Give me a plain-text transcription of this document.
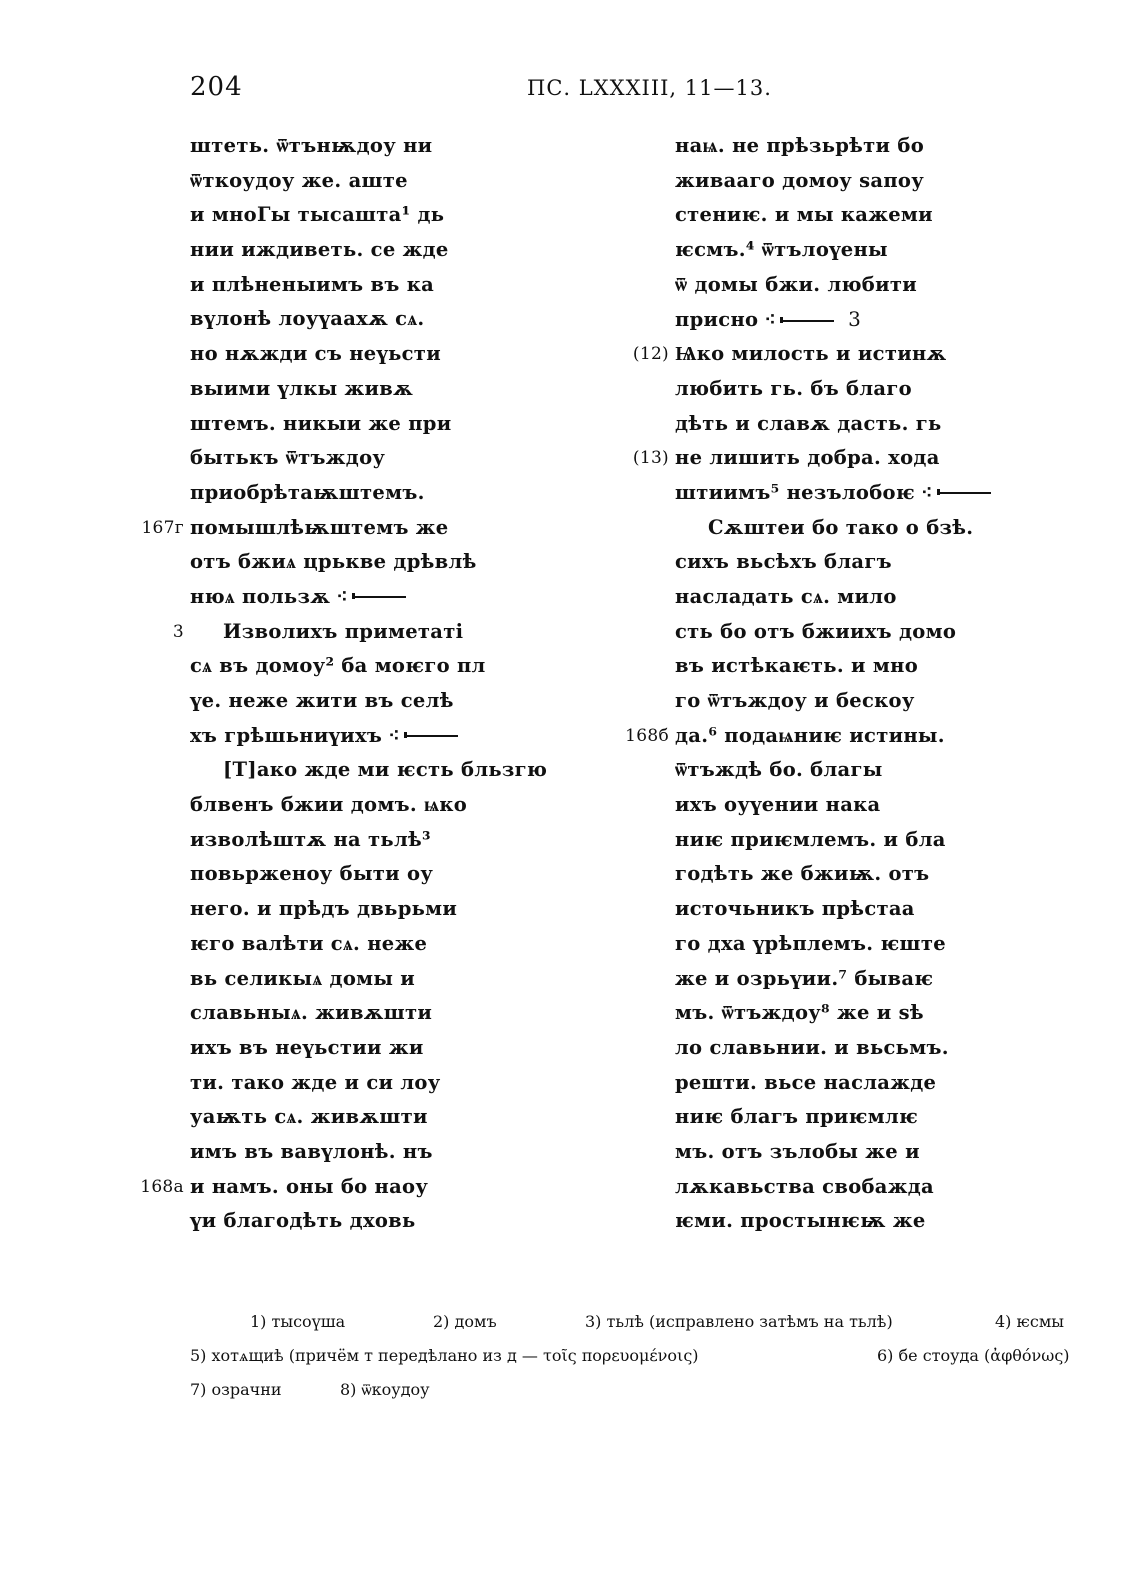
204	ПС. LXXXIII, 11—13.
штеть. ѿтънѭдоу ни
ѿткоудоу же. аште
и мноГы тысашта¹ дь
нии иждиветь. се жде
и плѣненыимъ въ ка
вүлонѣ лоуүаахѫ сѧ.
но нѫжди съ неүьсти
выими үлкы живѫ
штемъ. никыи же при
бытькъ ѿтъждоу
приобрѣтаѭштемъ.
167г помышлѣѭштемъ же
отъ бжиѧ црькве дрѣвлѣ
нюѧ пользѫ ⁖
3 Изволихъ приметатi
сѧ въ домоу² ба моѥго пл
үе. неже жити въ селѣ
хъ грѣшьниүихъ ⁖
[Т]ако жде ми ѥсть бльзгю
блвенъ бжии домъ. ѩко
изволѣштѫ на тьлѣ³
повьрженоу быти оу
него. и прѣдъ двьрьми
ѥго валѣти сѧ. неже
вь селикыѧ домы и
славьныѧ. живѫшти
ихъ въ неүьстии жи
ти. тако жде и си лоу
уаѭть сѧ. живѫшти
имъ въ вавүлонѣ. нъ
168а и намъ. оны бо наоу
үи благодѣть дховь
наѩ. не прѣзьрѣти бо
живааго домоу ѕапоу
стениѥ. и мы кажеми
ѥсмъ.⁴ ѿтълоүены
ѿ домы бжи. любити
присно ⁖	3
(12) Ѩко милость и истинѫ
любить гь. бъ благо
дѣть и славѫ дасть. гь
(13) не лишить добра. хода
штиимъ⁵ незълобоѥ ⁖
Сѫштеи бо тако о бзѣ.
сихъ вьсѣхъ благъ
насладать сѧ. мило
сть бо отъ бжиихъ домо
въ истѣкаѥть. и мно
го ѿтъждоу и бескоу
168б да.⁶ подаѩниѥ истины.
ѿтъждѣ бо. благы
ихъ оуүении нака
ниѥ приѥмлемъ. и бла
годѣть же бжиѭ. отъ
источьникъ прѣстаа
го дха үрѣплемъ. ѥште
же и озрьүии.⁷ бываѥ
мъ. ѿтъждоу⁸ же и ѕѣ
ло славьнии. и вьсьмъ.
решти. вьсе наслажде
ниѥ благъ приѥмлѥ
мъ. отъ зълобы же и
лѫкавьства свобажда
ѥми. простынѥѭ же
1) тысоүша	2) домъ	3) тьлѣ (исправлено затѣмъ на тьлѣ)	4) ѥсмы
5) хотѧщиѣ (причём т передѣлано из д — τοῖς πορευομένοις)	6) бе стоуда (ἀφθόνως)
7) озрачни	8) ѿкоудоу
